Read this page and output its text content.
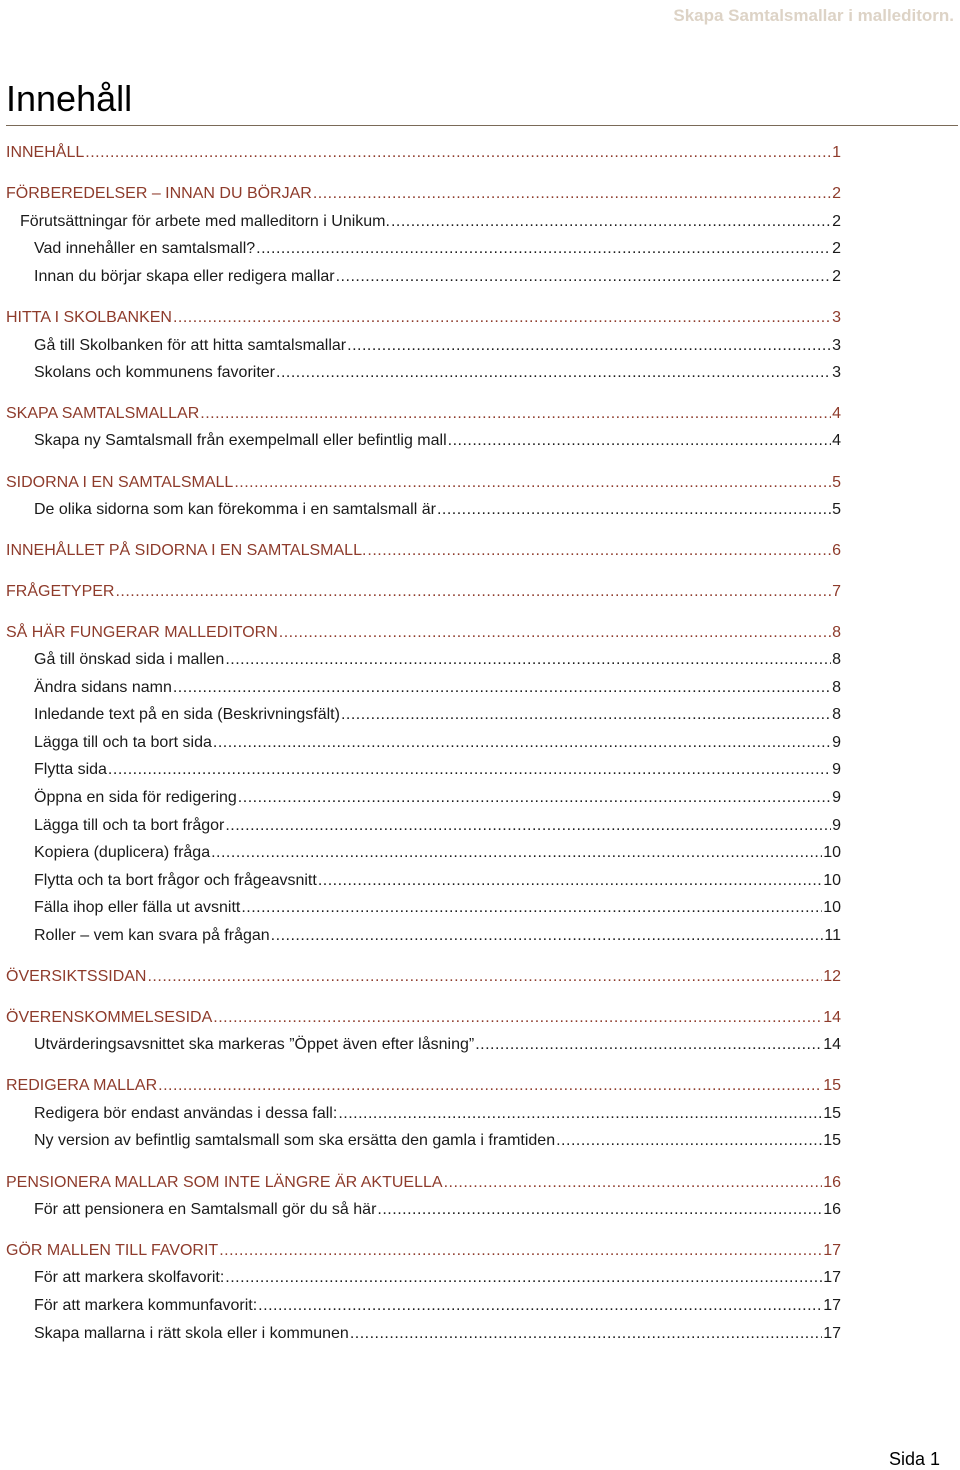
Skapa Samtalsmallar i malleditorn.
Innehåll
INNEHÅLL .....	1
FÖRBEREDELSER – INNAN DU BÖRJAR .....	2
Förutsättningar för arbete med malleditorn i Unikum. .....	2
Vad innehåller en samtalsmall? .....	2
Innan du börjar skapa eller redigera mallar .....	2
HITTA I SKOLBANKEN .....	3
Gå till Skolbanken för att hitta samtalsmallar .....	3
Skolans och kommunens favoriter .....	3
SKAPA SAMTALSMALLAR .....	4
Skapa ny Samtalsmall från exempelmall eller befintlig mall .....	4
SIDORNA I EN SAMTALSMALL .....	5
De olika sidorna som kan förekomma i en samtalsmall är .....	5
INNEHÅLLET PÅ SIDORNA I EN SAMTALSMALL. .....	6
FRÅGETYPER .....	7
SÅ HÄR FUNGERAR MALLEDITORN .....	8
Gå till önskad sida i mallen .....	8
Ändra sidans namn .....	8
Inledande text på en sida (Beskrivningsfält) .....	8
Lägga till och ta bort sida .....	9
Flytta sida .....	9
Öppna en sida för redigering .....	9
Lägga till och ta bort frågor .....	9
Kopiera (duplicera) fråga .....	10
Flytta och ta bort frågor och frågeavsnitt .....	10
Fälla ihop eller fälla ut avsnitt .....	10
Roller – vem kan svara på frågan .....	11
ÖVERSIKTSSIDAN .....	12
ÖVERENSKOMMELSESIDA .....	14
Utvärderingsavsnittet ska markeras ”Öppet även efter låsning” .....	14
REDIGERA MALLAR .....	15
Redigera bör endast användas i dessa fall: .....	15
Ny version av befintlig samtalsmall som ska ersätta den gamla i framtiden .....	15
PENSIONERA MALLAR SOM INTE LÄNGRE ÄR AKTUELLA .....	16
För att pensionera en Samtalsmall gör du så här .....	16
GÖR MALLEN TILL FAVORIT .....	17
För att markera skolfavorit: .....	17
För att markera kommunfavorit: .....	17
Skapa mallarna i rätt skola eller i kommunen .....	17
Sida 1
